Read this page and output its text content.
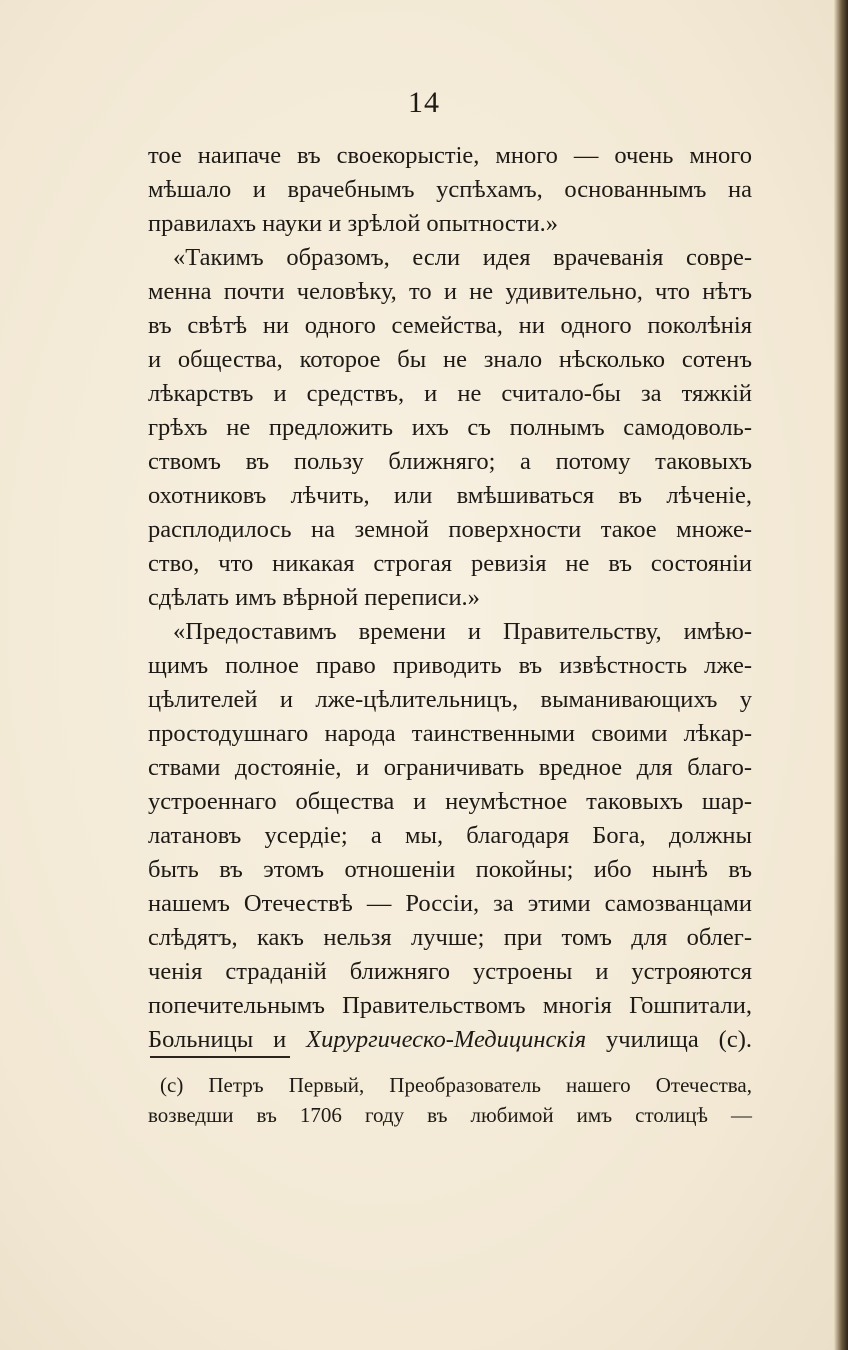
14
тое наипаче въ своекорыстіе, много — очень много
мѣшало и врачебнымъ успѣхамъ, основаннымъ на
правилахъ науки и зрѣлой опытности.»
«Такимъ образомъ, если идея врачеванія совре-
менна почти человѣку, то и не удивительно, что нѣтъ
въ свѣтѣ ни одного семейства, ни одного поколѣнія
и общества, которое бы не знало нѣсколько сотенъ
лѣкарствъ и средствъ, и не считало-бы за тяжкій
грѣхъ не предложить ихъ съ полнымъ самодоволь-
ствомъ въ пользу ближняго; а потому таковыхъ
охотниковъ лѣчить, или вмѣшиваться въ лѣченіе,
расплодилось на земной поверхности такое множе-
ство, что никакая строгая ревизія не въ состояніи
сдѣлать имъ вѣрной переписи.»
«Предоставимъ времени и Правительству, имѣю-
щимъ полное право приводить въ извѣстность лже-
цѣлителей и лже-цѣлительницъ, выманивающихъ у
простодушнаго народа таинственными своими лѣкар-
ствами достояніе, и ограничивать вредное для благо-
устроеннаго общества и неумѣстное таковыхъ шар-
латановъ усердіе; а мы, благодаря Бога, должны
быть въ этомъ отношеніи покойны; ибо нынѣ въ
нашемъ Отечествѣ — Россіи, за этими самозванцами
слѣдятъ, какъ нельзя лучше; при томъ для облег-
ченія страданій ближняго устроены и устрояются
попечительнымъ Правительствомъ многія Гошпитали,
Больницы и Хирургическо-Медицинскія училища (с).
(с) Петръ Первый, Преобразователь нашего Отечества,
возведши въ 1706 году въ любимой имъ столицѣ —
